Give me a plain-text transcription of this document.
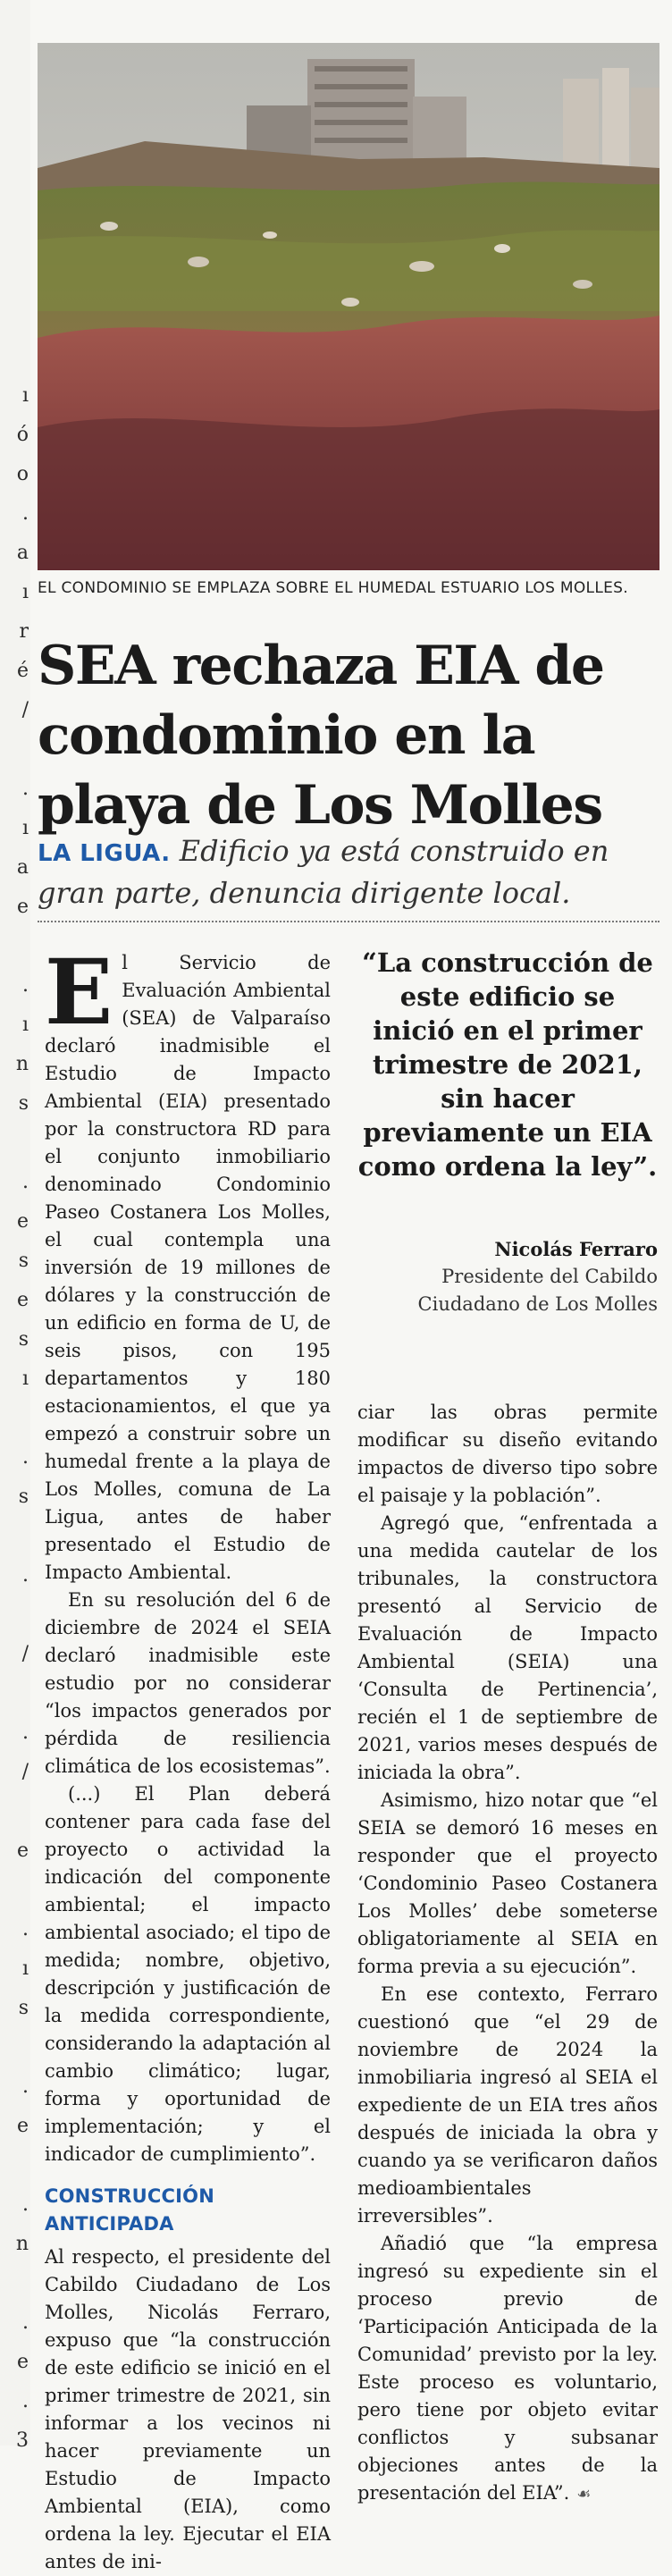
ı
ó
o
.
a
ı
r
é
/
.
ı
a
e
.
ı
n
s
.
e
s
e
s
ı
.
s
.
/
.
/
e
.
ı
s
.
e
.
n
.
e
.
3
EL CONDOMINIO SE EMPLAZA SOBRE EL HUMEDAL ESTUARIO LOS MOLLES.
SEA rechaza EIA de
condominio en la
playa de Los Molles
LA LIGUA. Edificio ya está construido en gran parte, denuncia dirigente local.

El Servicio de Evaluación Ambiental (SEA) de Valparaíso declaró inadmisible el Estudio de Impacto Ambiental (EIA) presentado por la constructora RD para el conjunto inmobiliario denominado Condominio Paseo Costanera Los Molles, el cual contempla una inversión de 19 millones de dólares y la construcción de un edificio en forma de U, de seis pisos, con 195 departamentos y 180 estacionamientos, el que ya empezó a construir sobre un humedal frente a la playa de Los Molles, comuna de La Ligua, antes de haber presentado el Estudio de Impacto Ambiental.

En su resolución del 6 de diciembre de 2024 el SEIA declaró inadmisible este estudio por no considerar “los impactos generados por pérdida de resiliencia climática de los ecosistemas”.

(...) El Plan deberá contener para cada fase del proyecto o actividad la indicación del componente ambiental; el impacto ambiental asociado; el tipo de medida; nombre, objetivo, descripción y justificación de la medida correspondiente, considerando la adaptación al cambio climático; lugar, forma y oportunidad de implementación; y el indicador de cumplimiento”.

CONSTRUCCIÓN ANTICIPADA

Al respecto, el presidente del Cabildo Ciudadano de Los Molles, Nicolás Ferraro, expuso que “la construcción de este edificio se inició en el primer trimestre de 2021, sin informar a los vecinos ni hacer previamente un Estudio de Impacto Ambiental (EIA), como ordena la ley. Ejecutar el EIA antes de ini-

“La construcción de este edificio se inició en el primer trimestre de 2021, sin hacer previamente un EIA como ordena la ley”.
Nicolás Ferraro
Presidente del Cabildo
Ciudadano de Los Molles

ciar las obras permite modificar su diseño evitando impactos de diverso tipo sobre el paisaje y la población”.

Agregó que, “enfrentada a una medida cautelar de los tribunales, la constructora presentó al Servicio de Evaluación de Impacto Ambiental (SEIA) una ‘Consulta de Pertinencia’, recién el 1 de septiembre de 2021, varios meses después de iniciada la obra”.

Asimismo, hizo notar que “el SEIA se demoró 16 meses en responder que el proyecto ‘Condominio Paseo Costanera Los Molles’ debe someterse obligatoriamente al SEIA en forma previa a su ejecución”.

En ese contexto, Ferraro cuestionó que “el 29 de noviembre de 2024 la inmobiliaria ingresó al SEIA el expediente de un EIA tres años después de iniciada la obra y cuando ya se verificaron daños medioambientales irreversibles”.

Añadió que “la empresa ingresó su expediente sin el proceso previo de ‘Participación Anticipada de la Comunidad’ previsto por la ley. Este proceso es voluntario, pero tiene por objeto evitar conflictos y subsanar objeciones antes de la presentación del EIA”. ☙
